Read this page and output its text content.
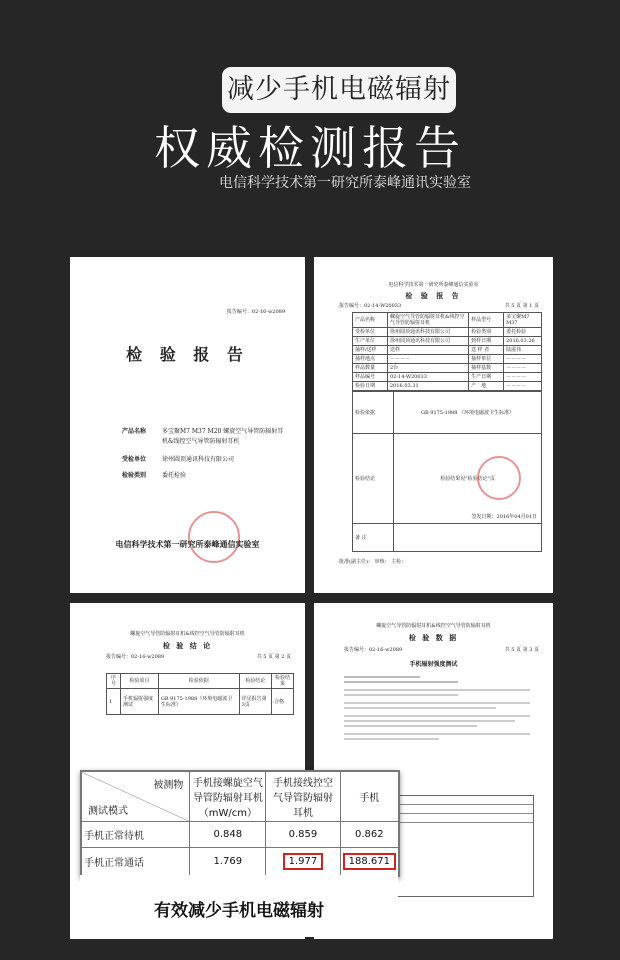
减少手机电磁辐射
权威检测报告
电信科学技术第一研究所泰峰通讯实验室
报告编号：02-16-w2089
检 验 报 告
产品名称	多宝聚M7 M37 M20 螺旋空气导管防辐射耳机&线控空气导管防辐射耳机
受检单位	徐州圆顶通讯科技有限公司
检验类别	委托检验
电信科学技术第一研究所泰峰通信实验室
电信科学技术第一研究所泰峰通信实验室
检 验 报 告
报告编号：02-14-W20033	共 5 页 第 1 页
产品名称	螺旋空气导管防辐射耳机&线控空气导管防辐射耳机	样品型号	多宝聚M7 M37
受检单位	徐州圆顶通讯科技有限公司	检验类别	委托检验
生产单位	徐州圆顶通讯科技有限公司	到样日期	2016.03.26
抽样/送样	送样	送 样 者	陆滋伟
抽样地点	－－－－	抽样单位	－－－－
样品数量	2台	抽样基数	－－－－
样品编号	02-14-W20033	生产日期	－－－－
检验日期	2016.03.31	产　地	－－－－
检验依据	GB 9175-1988 《环境电磁波卫生标准》
检验结论	检验结果见"检验结论"页
签发日期：2016年04月01日

备 注	
批准(副主任)： 审核： 主检：
螺旋空气导管防辐射耳机&线控空气导管防辐射耳机
检 验 结 论
报告编号：02-16-w2089	共 5 页 第 2 页
序号	检验项目	检验依据	检验结论	检验结果
1	手机辐射强度测试	GB 9175-1988《环境电磁波卫生标准》	详见报告第3页	合格
螺旋空气导管防辐射耳机&线控空气导管防辐射耳机
检 验 数 据
报告编号：02-16-w2089	共 5 页 第 3 页
手机辐射强度测试
被测物
测试模式	手机接螺旋空气导管防辐射耳机（mW/cm）	手机接线控空气导管防辐射耳机	手机
手机正常待机	0.848	0.859	0.862
手机正常通话	1.769	1.977	188.671
有效减少手机电磁辐射
